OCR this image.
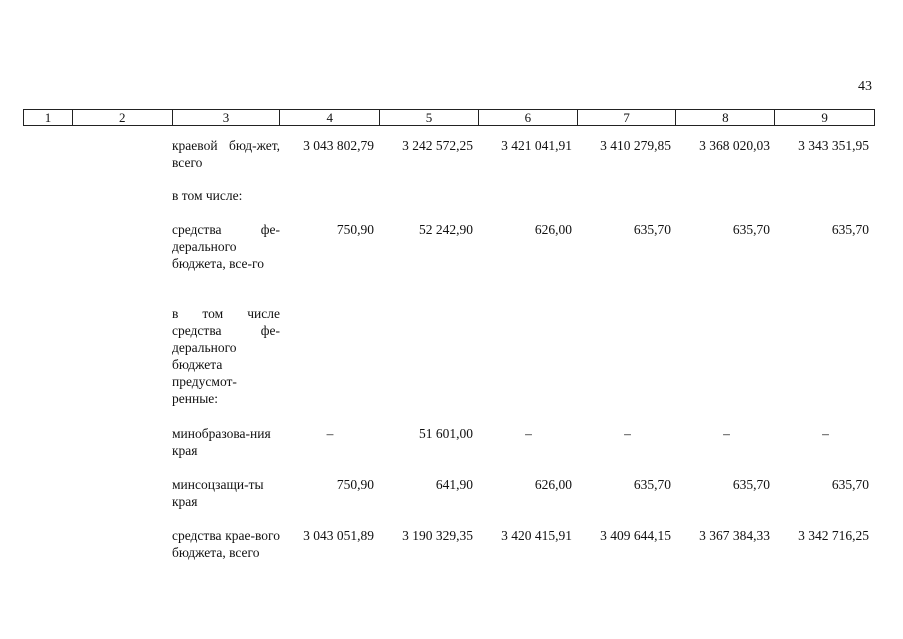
43
1	2	3	4	5	6	7	8	9
		краевой бюд-жет, всего	3 043 802,79	3 242 572,25	3 421 041,91	3 410 279,85	3 368 020,03	3 343 351,95
		в том числе:						
		средства фе-дерального бюджета, все-го	750,90	52 242,90	626,00	635,70	635,70	635,70
		в том числе средства фе-дерального бюджета предусмот-ренные:						
		минобразова-ния края	–	51 601,00	–	–	–	–
		минсоцзащи-ты края	750,90	641,90	626,00	635,70	635,70	635,70
		средства крае-вого бюджета, всего	3 043 051,89	3 190 329,35	3 420 415,91	3 409 644,15	3 367 384,33	3 342 716,25
